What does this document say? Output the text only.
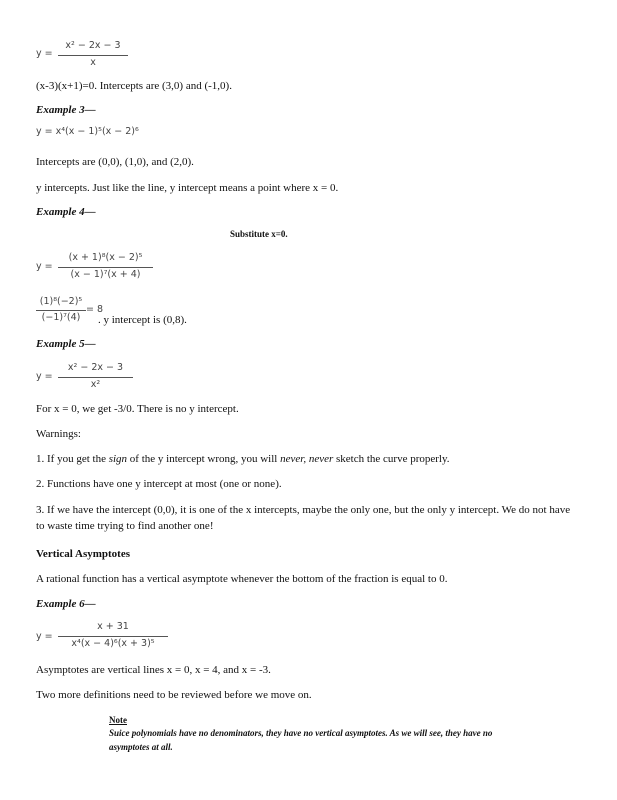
y =
x² − 2x − 3
x
(x-3)(x+1)=0. Intercepts are (3,0) and (-1,0).
Example 3—
y = x⁴(x − 1)⁵(x − 2)⁶
Intercepts are (0,0), (1,0), and (2,0).
y intercepts. Just like the line, y intercept means a point where x = 0.
Example 4—
Substitute x=0.
y =
(x + 1)⁸(x − 2)⁵
(x − 1)⁷(x + 4)
(1)⁸(−2)⁵
(−1)⁷(4)
= 8
. y intercept is (0,8).
Example 5—
y =
x² − 2x − 3
x²
For x = 0, we get -3/0. There is no y intercept.
Warnings:
1. If you get the sign of the y intercept wrong, you will never, never sketch the curve properly.
2. Functions have one y intercept at most (one or none).
3. If we have the intercept (0,0), it is one of the x intercepts, maybe the only one, but the only y intercept. We do not have to waste time trying to find another one!
Vertical Asymptotes
A rational function has a vertical asymptote whenever the bottom of the fraction is equal to 0.
Example 6—
y =
x + 31
x⁴(x − 4)⁶(x + 3)⁵
Asymptotes are vertical lines x = 0, x = 4, and x = -3.
Two more definitions need to be reviewed before we move on.
Note
Suice polynomials have no denominators, they have no vertical asymptotes. As we will see, they have no asymptotes at all.
